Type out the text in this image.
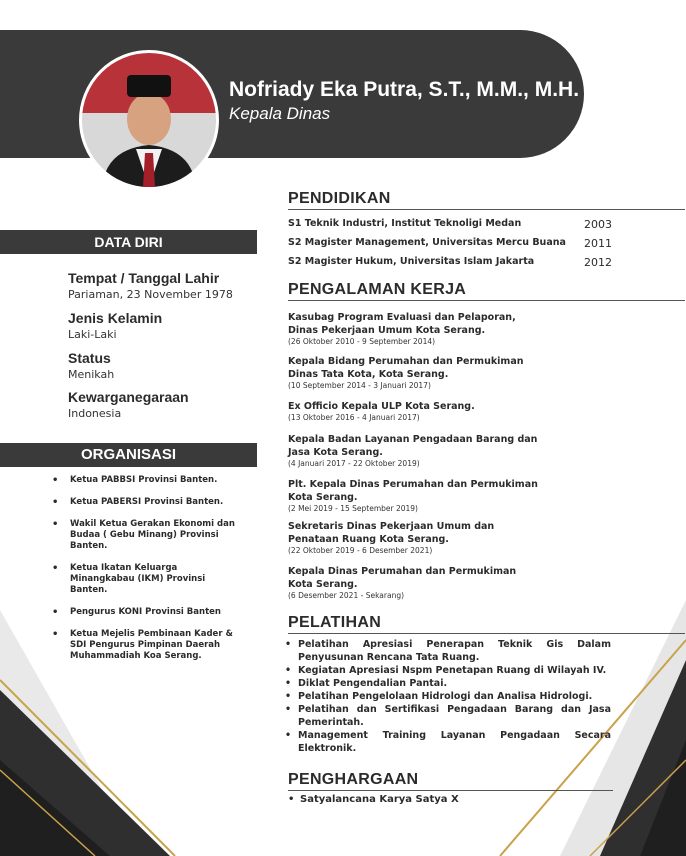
Nofriady Eka Putra, S.T., M.M., M.H.
Kepala Dinas
DATA DIRI
Tempat / Tanggal Lahir
Pariaman, 23 November 1978
Jenis Kelamin
Laki-Laki
Status
Menikah
Kewarganegaraan
Indonesia
ORGANISASI
• Ketua PABBSI Provinsi Banten.
• Ketua PABERSI Provinsi Banten.
• Wakil Ketua Gerakan Ekonomi dan Budaa ( Gebu Minang) Provinsi Banten.
• Ketua Ikatan Keluarga Minangkabau (IKM) Provinsi Banten.
• Pengurus KONI Provinsi Banten
• Ketua Mejelis Pembinaan Kader & SDI Pengurus Pimpinan Daerah Muhammadiah Koa Serang.
PENDIDIKAN
S1 Teknik Industri, Institut Teknoligi Medan	2003
S2 Magister Management, Universitas Mercu Buana 2011
S2 Magister Hukum, Universitas Islam Jakarta	2012
PENGALAMAN KERJA
Kasubag Program Evaluasi dan Pelaporan, Dinas Pekerjaan Umum Kota Serang.
(26 Oktober 2010 - 9 September 2014)
Kepala Bidang Perumahan dan Permukiman Dinas Tata Kota, Kota Serang.
(10 September 2014 - 3 Januari 2017)
Ex Officio Kepala ULP Kota Serang.
(13 Oktober 2016 - 4 Januari 2017)
Kepala Badan Layanan Pengadaan Barang dan Jasa Kota Serang.
(4 Januari 2017 - 22 Oktober 2019)
Plt. Kepala Dinas Perumahan dan Permukiman Kota Serang.
(2 Mei 2019 - 15 September 2019)
Sekretaris Dinas Pekerjaan Umum dan Penataan Ruang Kota Serang.
(22 Oktober 2019 - 6 Desember 2021)
Kepala Dinas Perumahan dan Permukiman Kota Serang.
(6 Desember 2021 - Sekarang)
PELATIHAN
• Pelatihan Apresiasi Penerapan Teknik Gis Dalam Penyusunan Rencana Tata Ruang.
• Kegiatan Apresiasi Nspm Penetapan Ruang di Wilayah IV.
• Diklat Pengendalian Pantai.
• Pelatihan Pengelolaan Hidrologi dan Analisa Hidrologi.
• Pelatihan dan Sertifikasi Pengadaan Barang dan Jasa Pemerintah.
• Management Training Layanan Pengadaan Secara Elektronik.
PENGHARGAAN
• Satyalancana Karya Satya X
